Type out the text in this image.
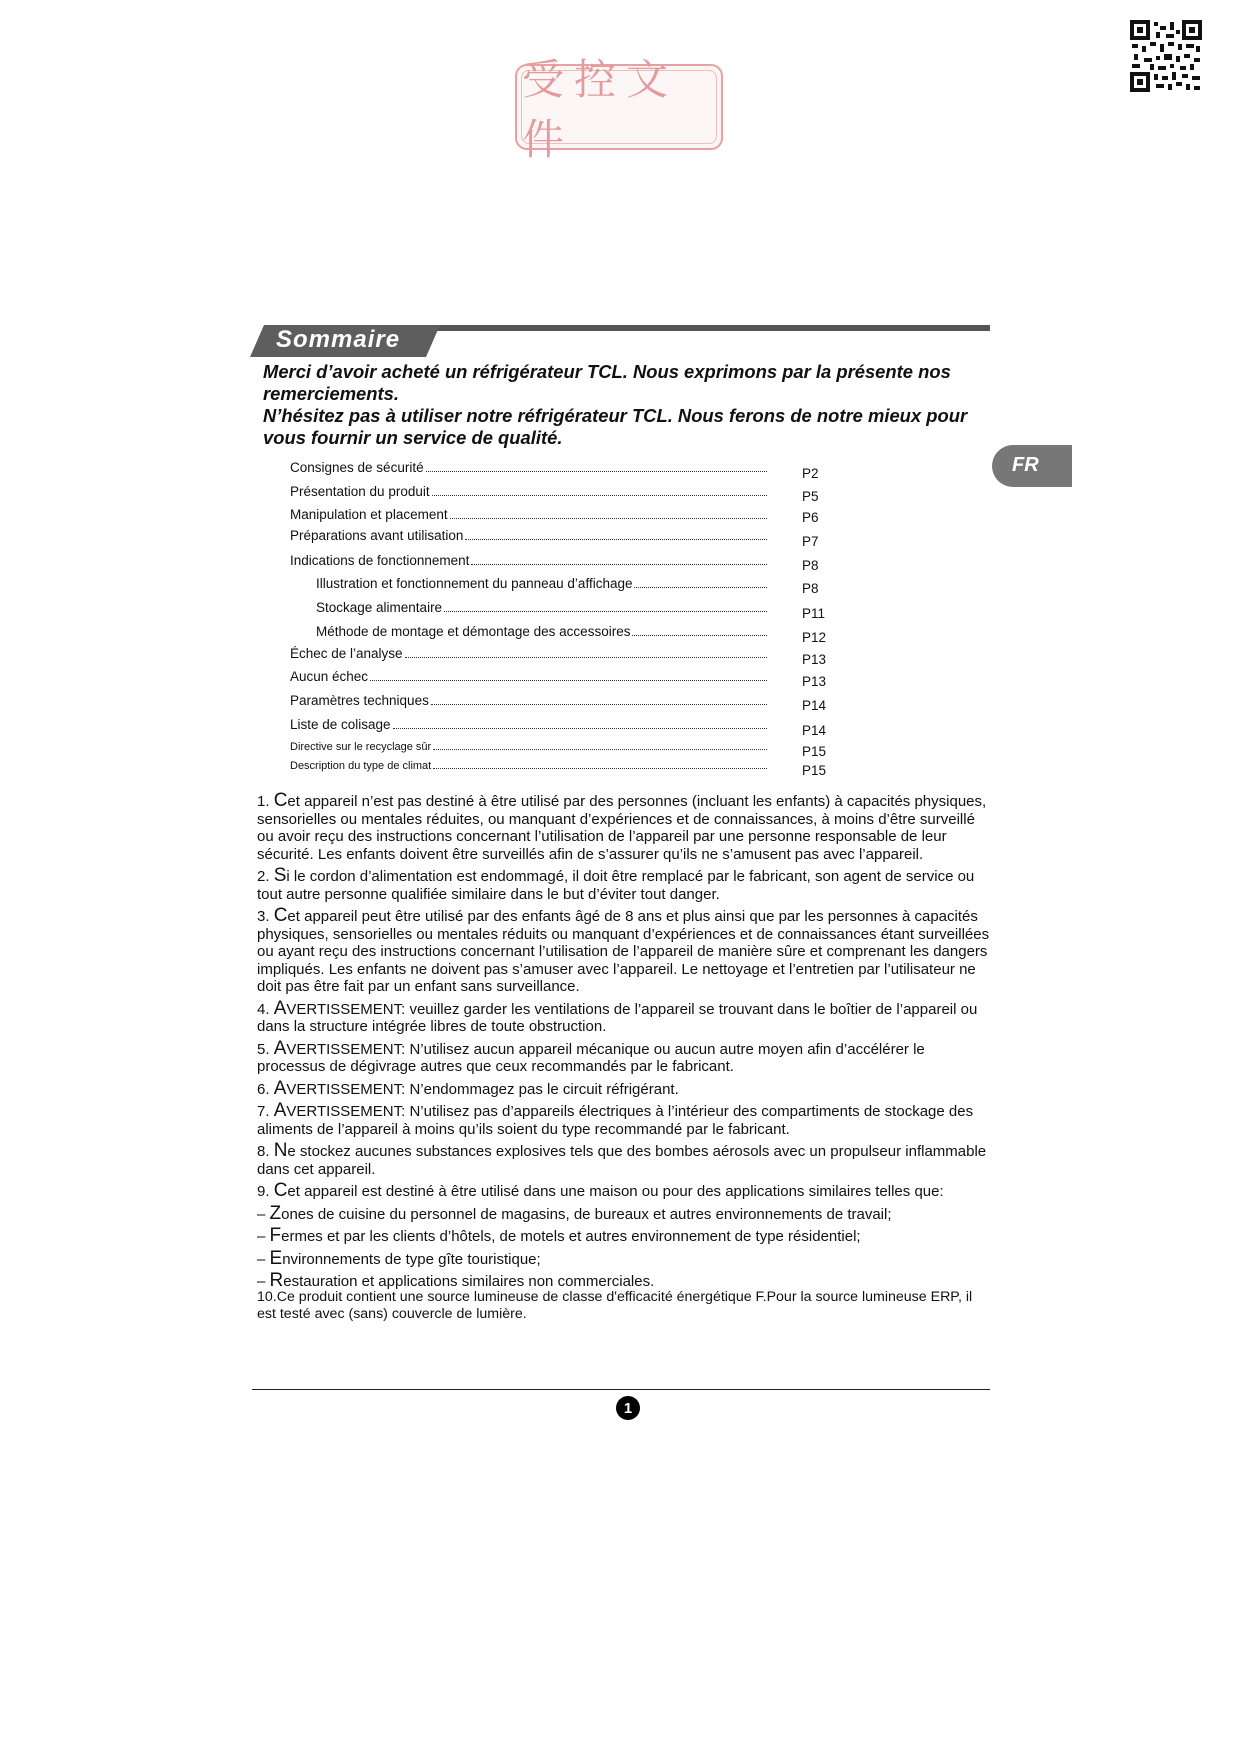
受控文件
Sommaire
FR

Merci d’avoir acheté un réfrigérateur TCL. Nous exprimons par la présente nos remerciements.

N’hésitez pas à utiliser notre réfrigérateur TCL. Nous ferons de notre mieux pour vous fournir un service de qualité.

Consignes de sécurité	P2
Présentation du produit	P5
Manipulation et placement	P6
Préparations avant utilisation	P7
Indications de fonctionnement	P8
Illustration et fonctionnement du panneau d’affichage	P8
Stockage alimentaire	P11
Méthode de montage et démontage des accessoires	P12
Échec de l’analyse	P13
Aucun échec	P13
Paramètres techniques	P14
Liste de colisage	P14
Directive sur le recyclage sûr	P15
Description du type de climat	P15

1. Cet appareil n’est pas destiné à être utilisé par des personnes (incluant les enfants) à capacités physiques, sensorielles ou mentales réduites, ou manquant d’expériences et de connaissances, à moins d’être surveillé ou avoir reçu des instructions concernant l’utilisation de l’appareil par une personne responsable de leur sécurité. Les enfants doivent être surveillés afin de s’assurer qu’ils ne s’amusent pas avec l’appareil.

2. Si le cordon d’alimentation est endommagé, il doit être remplacé par le fabricant, son agent de service ou tout autre personne qualifiée similaire dans le but d’éviter tout danger.

3. Cet appareil peut être utilisé par des enfants âgé de 8 ans et plus ainsi que par les personnes à capacités physiques, sensorielles ou mentales réduits ou manquant d’expériences et de connaissances étant surveillées ou ayant reçu des instructions concernant l’utilisation de l’appareil de manière sûre et comprenant les dangers impliqués. Les enfants ne doivent pas s’amuser avec l’appareil. Le nettoyage et l’entretien par l’utilisateur ne doit pas être fait par un enfant sans surveillance.

4. AVERTISSEMENT: veuillez garder les ventilations de l’appareil se trouvant dans le boîtier de l’appareil ou dans la structure intégrée libres de toute obstruction.

5. AVERTISSEMENT: N’utilisez aucun appareil mécanique ou aucun autre moyen afin d’accélérer le processus de dégivrage autres que ceux recommandés par le fabricant.

6. AVERTISSEMENT: N’endommagez pas le circuit réfrigérant.

7. AVERTISSEMENT: N’utilisez pas d’appareils électriques à l’intérieur des compartiments de stockage des aliments de l’appareil à moins qu’ils soient du type recommandé par le fabricant.

8. Ne stockez aucunes substances explosives tels que des bombes aérosols avec un propulseur inflammable dans cet appareil.

9. Cet appareil est destiné à être utilisé dans une maison ou pour des applications similaires telles que:

– Zones de cuisine du personnel de magasins, de bureaux et autres environnements de travail;

– Fermes et par les clients d’hôtels, de motels et autres environnement de type résidentiel;

– Environnements de type gîte touristique;

– Restauration et applications similaires non commerciales.

10.Ce produit contient une source lumineuse de classe d'efficacité énergétique F.Pour la source lumineuse ERP, il est testé avec (sans) couvercle de lumière.

1
